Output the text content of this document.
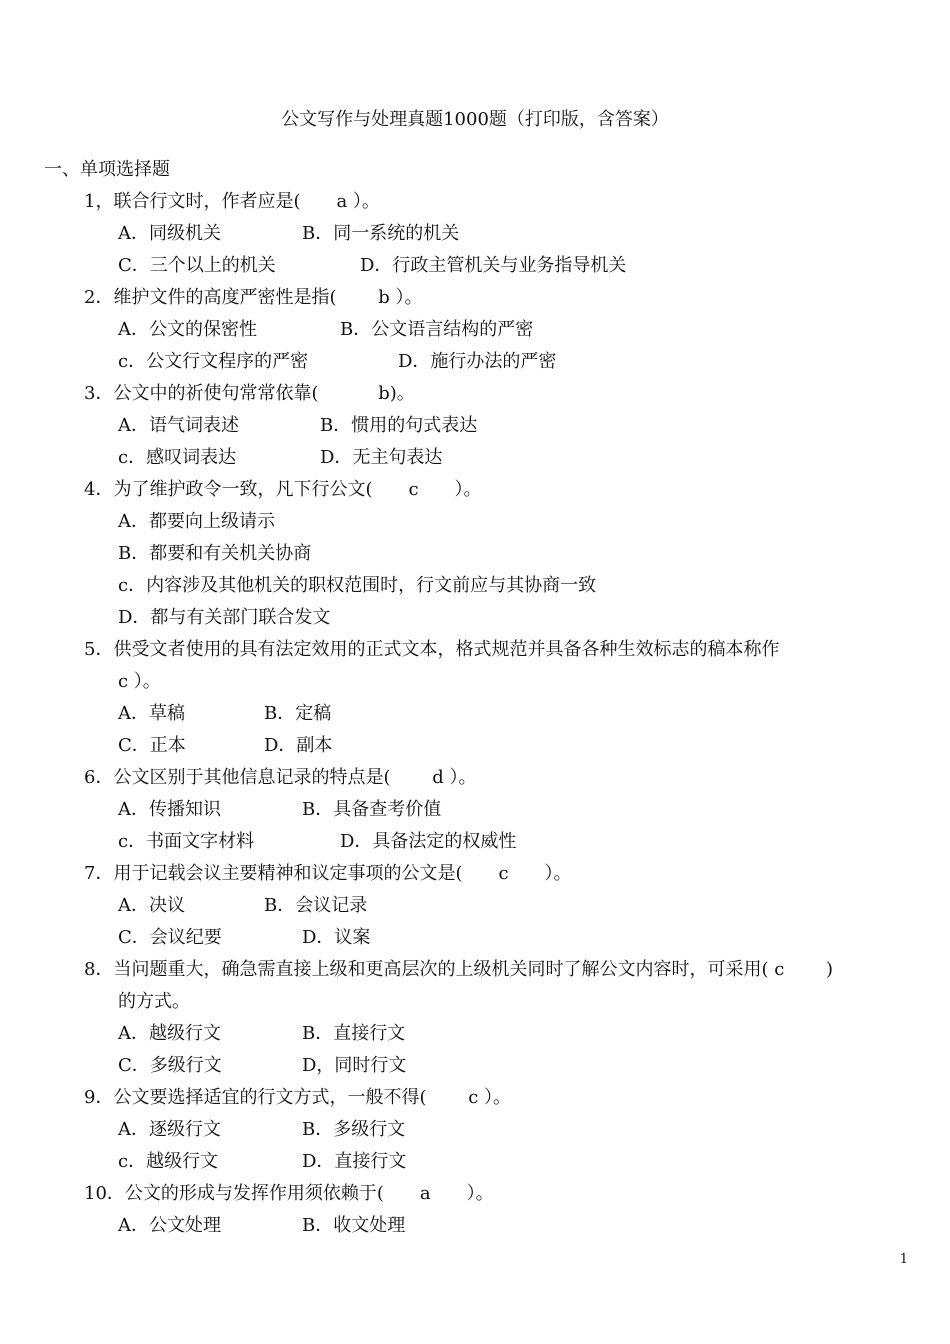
公文写作与处理真题1000题（打印版，含答案）
一、单项选择题
1，联合行文时，作者应是(　　a ）。
A．同级机关	B．同一系统的机关
C．三个以上的机关	D．行政主管机关与业务指导机关
2．维护文件的高度严密性是指(　　 b ）。
A．公文的保密性	B．公文语言结构的严密
c．公文行文程序的严密	D．施行办法的严密
3．公文中的祈使句常常依靠(　　　 b)。
A．语气词表述	B．惯用的句式表达
c．感叹词表达	D．无主句表达
4．为了维护政令一致，凡下行公文(　　c　　）。
A．都要向上级请示
B．都要和有关机关协商
c．内容涉及其他机关的职权范围时，行文前应与其协商一致
D．都与有关部门联合发文
5．供受文者使用的具有法定效用的正式文本，格式规范并具备各种生效标志的稿本称作
c ）。
A．草稿	B．定稿
C．正本	D．副本
6．公文区别于其他信息记录的特点是(　　 d ）。
A．传播知识	B．具备查考价值
c．书面文字材料	D．具备法定的权威性
7．用于记载会议主要精神和议定事项的公文是(　　c　　）。
A．决议	B．会议记录
C．会议纪要	D．议案
8．当问题重大，确急需直接上级和更高层次的上级机关同时了解公文内容时，可采用( c　　 )
的方式。
A．越级行文	B．直接行文
C．多级行文	D，同时行文
9．公文要选择适宜的行文方式，一般不得(　　 c ）。
A．逐级行文	B．多级行文
c．越级行文	D．直接行文
10．公文的形成与发挥作用须依赖于(　　a　　）。
A．公文处理	B．收文处理
1
